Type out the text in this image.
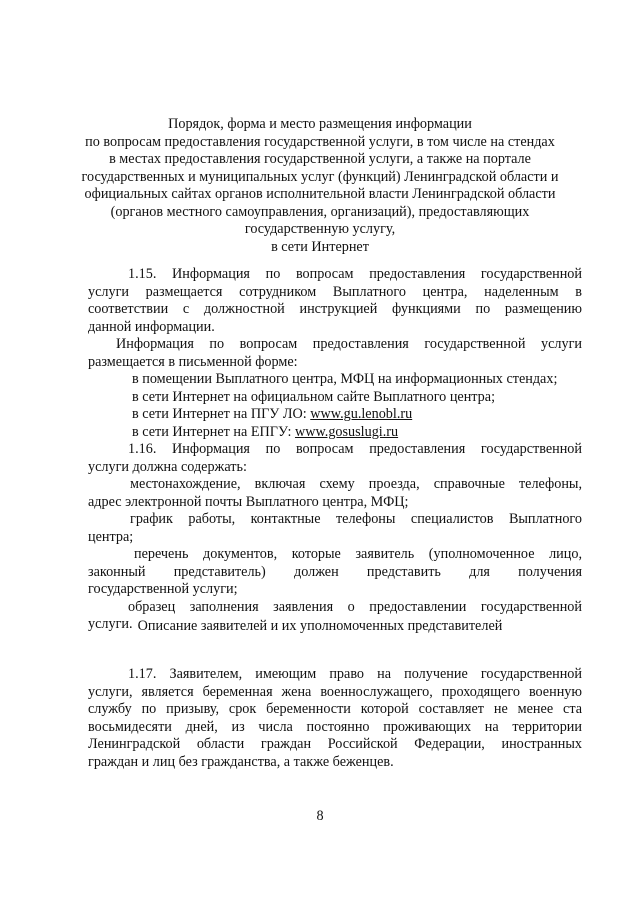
Порядок, форма и место размещения информации
по вопросам предоставления государственной услуги, в том числе на стендах
в местах предоставления государственной услуги, а также на портале
государственных и муниципальных услуг (функций) Ленинградской области и
официальных сайтах органов исполнительной власти Ленинградской области
(органов местного самоуправления, организаций), предоставляющих
государственную услугу,
в сети Интернет
1.15. Информация по вопросам предоставления государственной
услуги размещается сотрудником Выплатного центра, наделенным в
соответствии с должностной инструкцией функциями по размещению
данной информации.
Информация по вопросам предоставления государственной услуги
размещается в письменной форме:
в помещении Выплатного центра, МФЦ на информационных стендах;
в сети Интернет на официальном сайте Выплатного центра;
в сети Интернет на ПГУ ЛО: www.gu.lenobl.ru
в сети Интернет на ЕПГУ: www.gosuslugi.ru
1.16. Информация по вопросам предоставления государственной
услуги должна содержать:
местонахождение, включая схему проезда, справочные телефоны,
адрес электронной почты Выплатного центра, МФЦ;
график работы, контактные телефоны специалистов Выплатного
центра;
перечень документов, которые заявитель (уполномоченное лицо,
законный представитель) должен представить для получения
государственной услуги;
образец заполнения заявления о предоставлении государственной
услуги. Описание заявителей и их уполномоченных представителей
1.17. Заявителем, имеющим право на получение государственной
услуги, является беременная жена военнослужащего, проходящего военную
службу по призыву, срок беременности которой составляет не менее ста
восьмидесяти дней, из числа постоянно проживающих на территории
Ленинградской области граждан Российской Федерации, иностранных
граждан и лиц без гражданства, а также беженцев.
8
